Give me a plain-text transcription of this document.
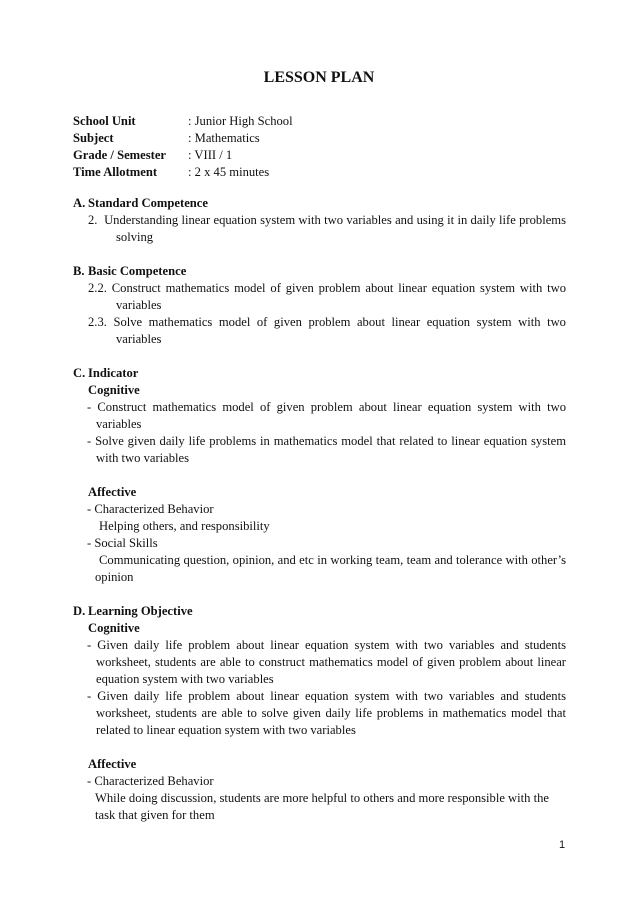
LESSON PLAN
School Unit	: Junior High School
Subject	: Mathematics
Grade / Semester : VIII / 1
Time Allotment : 2 x 45 minutes
A. Standard Competence
2. Understanding linear equation system with two variables and using it in daily life problems solving
B. Basic Competence
2.2. Construct mathematics model of given problem about linear equation system with two variables
2.3. Solve mathematics model of given problem about linear equation system with two variables
C. Indicator
Cognitive
- Construct mathematics model of given problem about linear equation system with two variables
- Solve given daily life problems in mathematics model that related to linear equation system with two variables
Affective
- Characterized Behavior
Helping others, and responsibility
- Social Skills
Communicating question, opinion, and etc in working team, team and tolerance with other’s opinion
D. Learning Objective
Cognitive
- Given daily life problem about linear equation system with two variables and students worksheet, students are able to construct mathematics model of given problem about linear equation system with two variables
- Given daily life problem about linear equation system with two variables and students worksheet, students are able to solve given daily life problems in mathematics model that related to linear equation system with two variables
Affective
- Characterized Behavior
While doing discussion, students are more helpful to others and more responsible with the task that given for them
1
